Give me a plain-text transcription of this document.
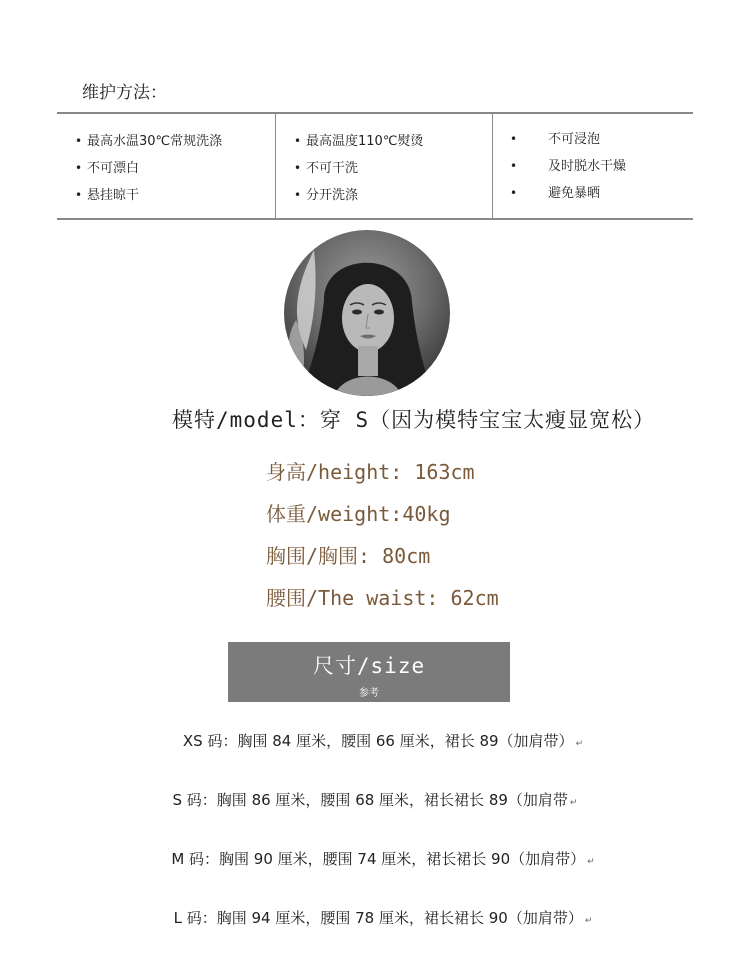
维护方法：
• 最高水温30℃常规洗涤
• 不可漂白
• 悬挂晾干
• 最高温度110℃熨烫
• 不可干洗
• 分开洗涤
• 不可浸泡
• 及时脱水干燥
• 避免暴晒
模特/model：穿 S（因为模特宝宝太瘦显宽松）
身高/height: 163cm
体重/weight:40kg
胸围/胸围: 80cm
腰围/The waist: 62cm
尺寸/size
参考
XS 码：胸围 84 厘米，腰围 66 厘米，裙长 89（加肩带） ↵
S 码：胸围 86 厘米，腰围 68 厘米，裙长裙长 89（加肩带 ↵
M 码：胸围 90 厘米，腰围 74 厘米，裙长裙长 90（加肩带） ↵
L 码：胸围 94 厘米，腰围 78 厘米，裙长裙长 90（加肩带） ↵
